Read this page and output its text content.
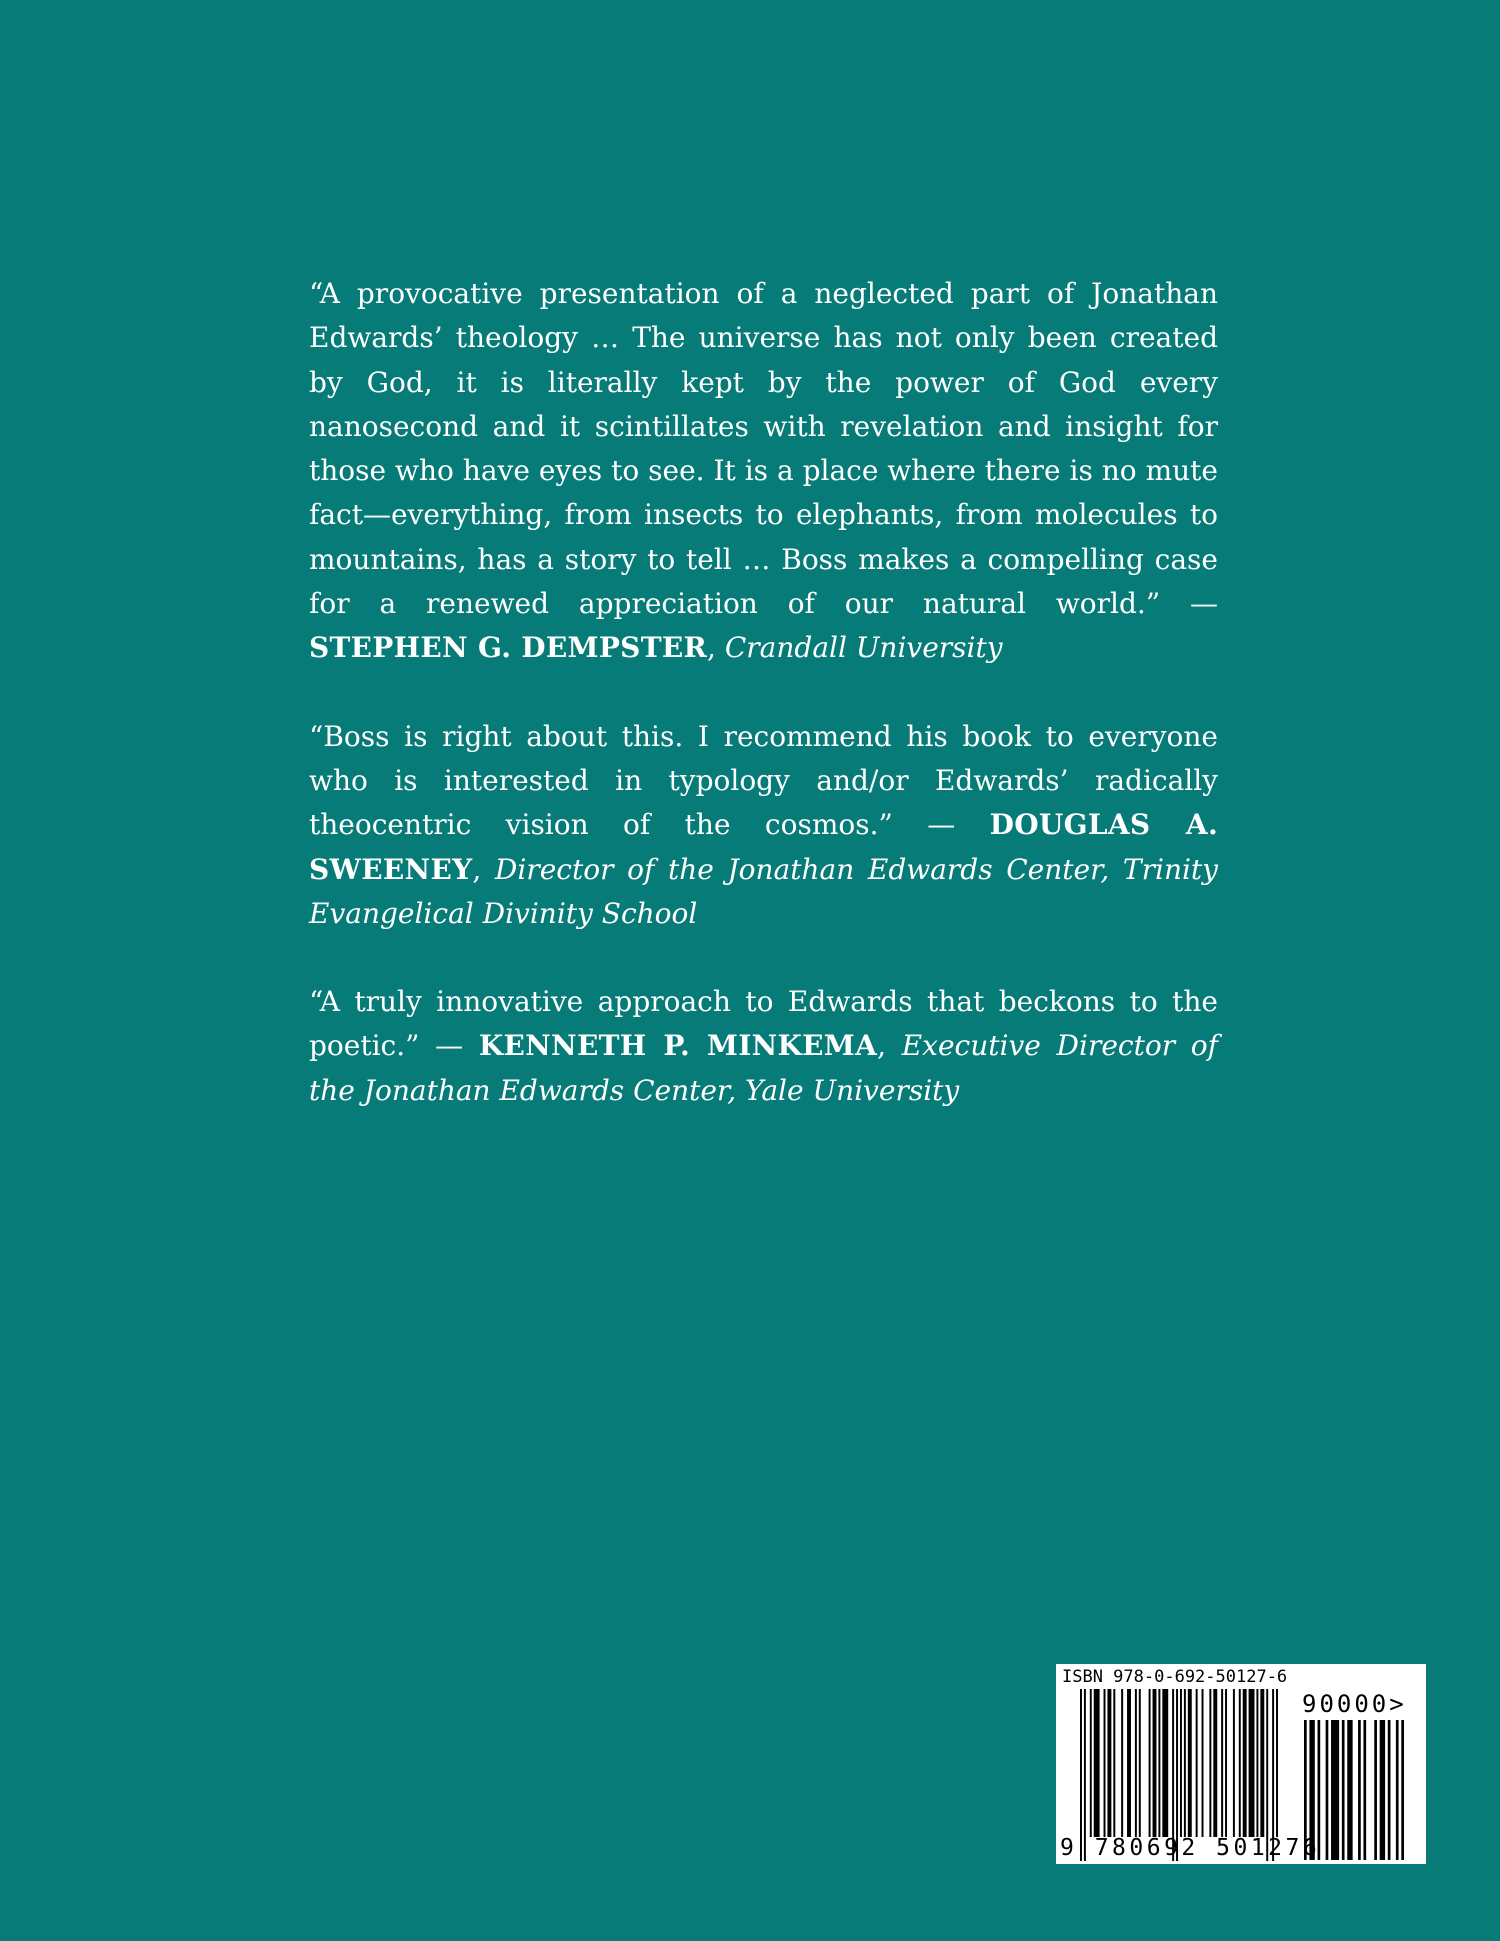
“A provocative presentation of a neglected part of Jonathan Edwards’ theology … The universe has not only been created by God, it is literally kept by the power of God every nanosecond and it scintillates with revelation and insight for those who have eyes to see. It is a place where there is no mute fact—everything, from insects to elephants, from molecules to mountains, has a story to tell … Boss makes a compelling case for a renewed appreciation of our natural world.” — STEPHEN G. DEMPSTER, Crandall University

“Boss is right about this. I recommend his book to everyone who is interested in typology and/or Edwards’ radically theocentric vision of the cosmos.” — DOUGLAS A. SWEENEY, Director of the Jonathan Edwards Center, Trinity Evangelical Divinity School

“A truly innovative approach to Edwards that beckons to the poetic.” — KENNETH P. MINKEMA, Executive Director of the Jonathan Edwards Center, Yale University

ISBN 978-0-692-50127-6
90000>
9 780692 501276
